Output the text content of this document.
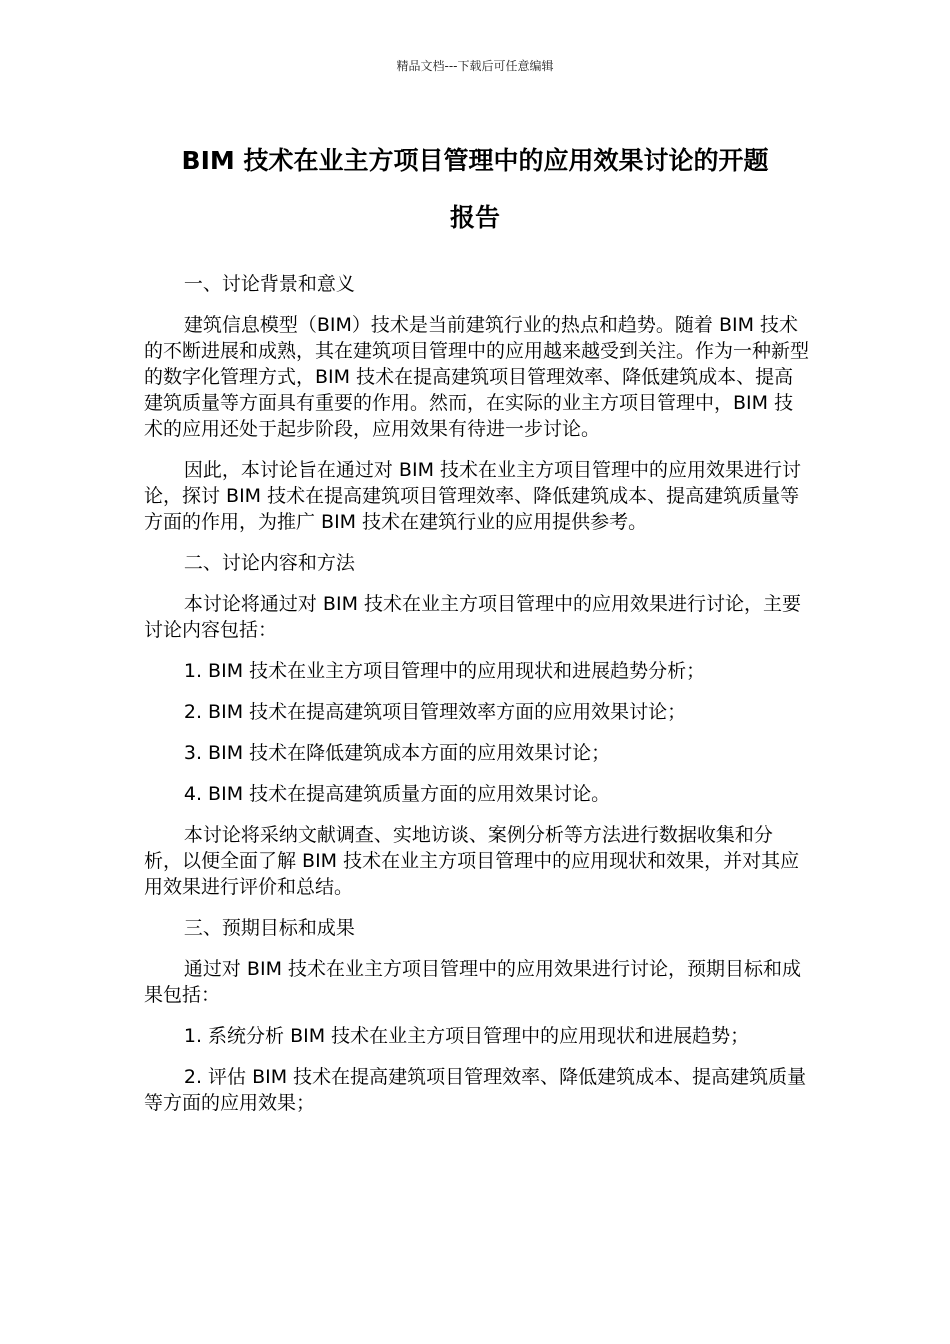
精品文档---下载后可任意编辑
BIM 技术在业主方项目管理中的应用效果讨论的开题
报告

一、讨论背景和意义

建筑信息模型（BIM）技术是当前建筑行业的热点和趋势。随着 BIM 技术的不断进展和成熟，其在建筑项目管理中的应用越来越受到关注。作为一种新型的数字化管理方式，BIM 技术在提高建筑项目管理效率、降低建筑成本、提高建筑质量等方面具有重要的作用。然而，在实际的业主方项目管理中，BIM 技术的应用还处于起步阶段，应用效果有待进一步讨论。

因此，本讨论旨在通过对 BIM 技术在业主方项目管理中的应用效果进行讨论，探讨 BIM 技术在提高建筑项目管理效率、降低建筑成本、提高建筑质量等方面的作用，为推广 BIM 技术在建筑行业的应用提供参考。

二、讨论内容和方法

本讨论将通过对 BIM 技术在业主方项目管理中的应用效果进行讨论，主要讨论内容包括：

1. BIM 技术在业主方项目管理中的应用现状和进展趋势分析；

2. BIM 技术在提高建筑项目管理效率方面的应用效果讨论；

3. BIM 技术在降低建筑成本方面的应用效果讨论；

4. BIM 技术在提高建筑质量方面的应用效果讨论。

本讨论将采纳文献调查、实地访谈、案例分析等方法进行数据收集和分析，以便全面了解 BIM 技术在业主方项目管理中的应用现状和效果，并对其应用效果进行评价和总结。

三、预期目标和成果

通过对 BIM 技术在业主方项目管理中的应用效果进行讨论，预期目标和成果包括：

1. 系统分析 BIM 技术在业主方项目管理中的应用现状和进展趋势；

2. 评估 BIM 技术在提高建筑项目管理效率、降低建筑成本、提高建筑质量等方面的应用效果；
